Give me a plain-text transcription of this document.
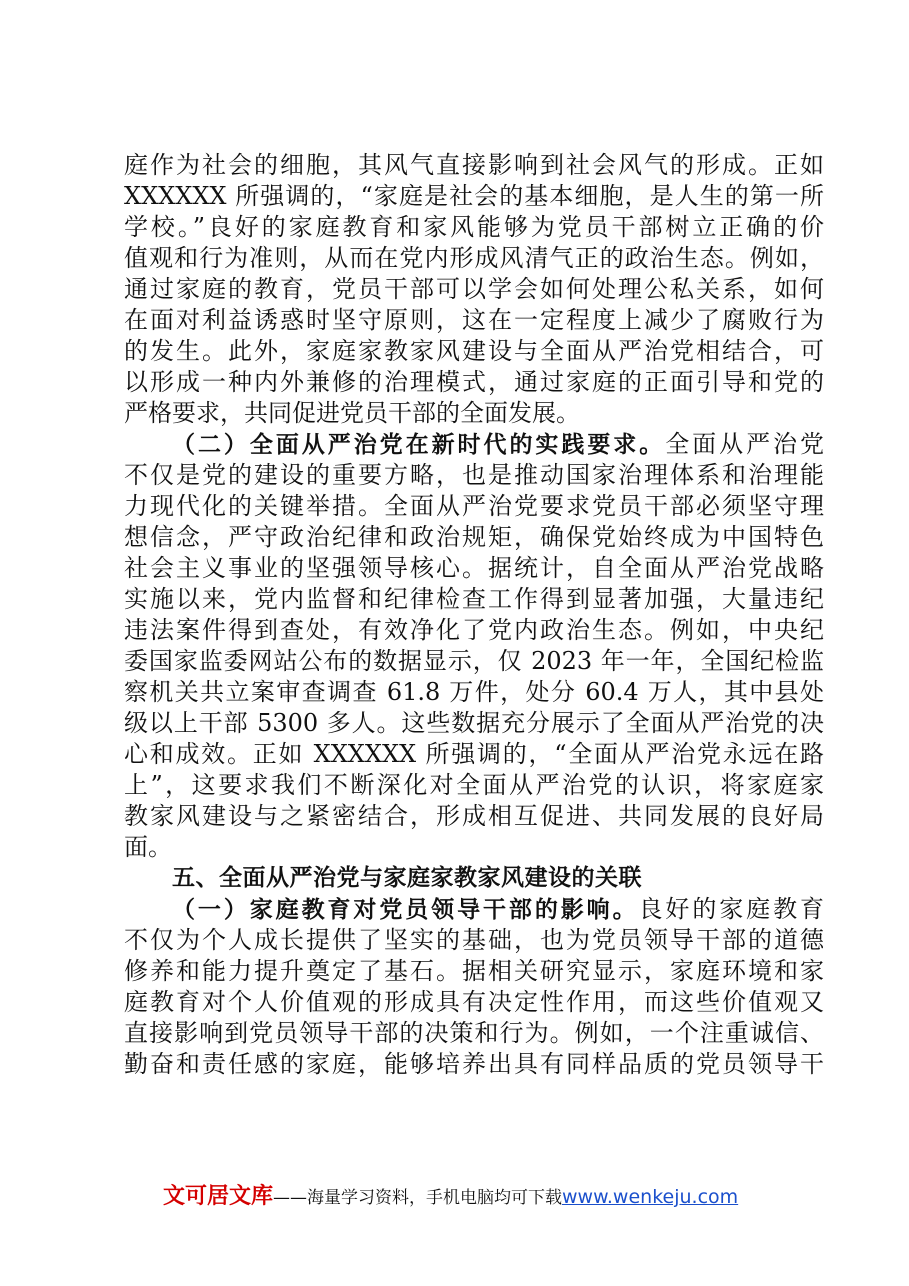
庭作为社会的细胞，其风气直接影响到社会风气的形成。正如
XXXXXX 所强调的，“家庭是社会的基本细胞，是人生的第一所
学校。”良好的家庭教育和家风能够为党员干部树立正确的价
值观和行为准则，从而在党内形成风清气正的政治生态。例如，
通过家庭的教育，党员干部可以学会如何处理公私关系，如何
在面对利益诱惑时坚守原则，这在一定程度上减少了腐败行为
的发生。此外，家庭家教家风建设与全面从严治党相结合，可
以形成一种内外兼修的治理模式，通过家庭的正面引导和党的
严格要求，共同促进党员干部的全面发展。
（二）全面从严治党在新时代的实践要求。全面从严治党
不仅是党的建设的重要方略，也是推动国家治理体系和治理能
力现代化的关键举措。全面从严治党要求党员干部必须坚守理
想信念，严守政治纪律和政治规矩，确保党始终成为中国特色
社会主义事业的坚强领导核心。据统计，自全面从严治党战略
实施以来，党内监督和纪律检查工作得到显著加强，大量违纪
违法案件得到查处，有效净化了党内政治生态。例如，中央纪
委国家监委网站公布的数据显示，仅 2023 年一年，全国纪检监
察机关共立案审查调查 61.8 万件，处分 60.4 万人，其中县处
级以上干部 5300 多人。这些数据充分展示了全面从严治党的决
心和成效。正如 XXXXXX 所强调的，“全面从严治党永远在路
上”，这要求我们不断深化对全面从严治党的认识，将家庭家
教家风建设与之紧密结合，形成相互促进、共同发展的良好局
面。
五、全面从严治党与家庭家教家风建设的关联
（一）家庭教育对党员领导干部的影响。良好的家庭教育
不仅为个人成长提供了坚实的基础，也为党员领导干部的道德
修养和能力提升奠定了基石。据相关研究显示，家庭环境和家
庭教育对个人价值观的形成具有决定性作用，而这些价值观又
直接影响到党员领导干部的决策和行为。例如，一个注重诚信、
勤奋和责任感的家庭，能够培养出具有同样品质的党员领导干
文可居文库——海量学习资料，手机电脑均可下载www.wenkeju.com
